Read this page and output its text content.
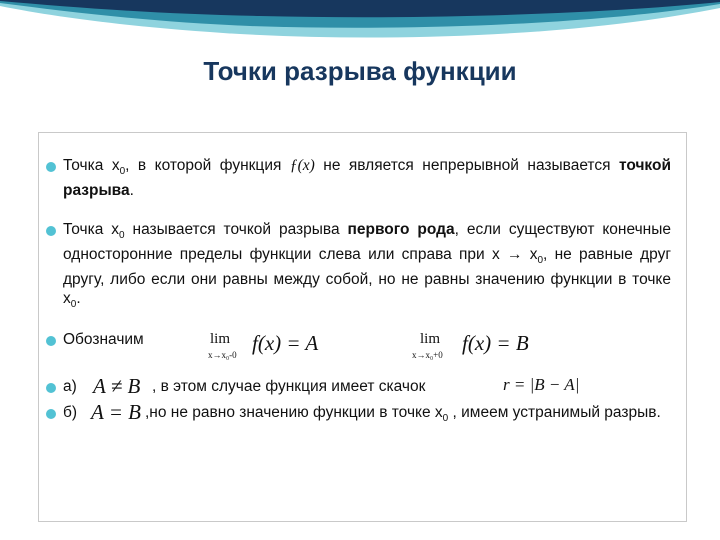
Точки разрыва функции
Точка $x_0$, в которой функция ƒ(x) не является непрерывной называется точкой разрыва.
Точка $x_0$ называется точкой разрыва первого рода, если существуют конечные односторонние пределы функции слева или справа при $x \to x_0$, не равные друг другу, либо если они равны между собой, но не равны значению функции в точке $x_0$.
Обозначим	lim
x→x₀-0 f(x) = A	lim
x→x₀+0 f(x) = B
а) A ≠ B , в этом случае функция имеет скачок	r = |B − A|
б) A = B ,но не равно значению функции в точке $x_0$ , имеем устранимый разрыв.
